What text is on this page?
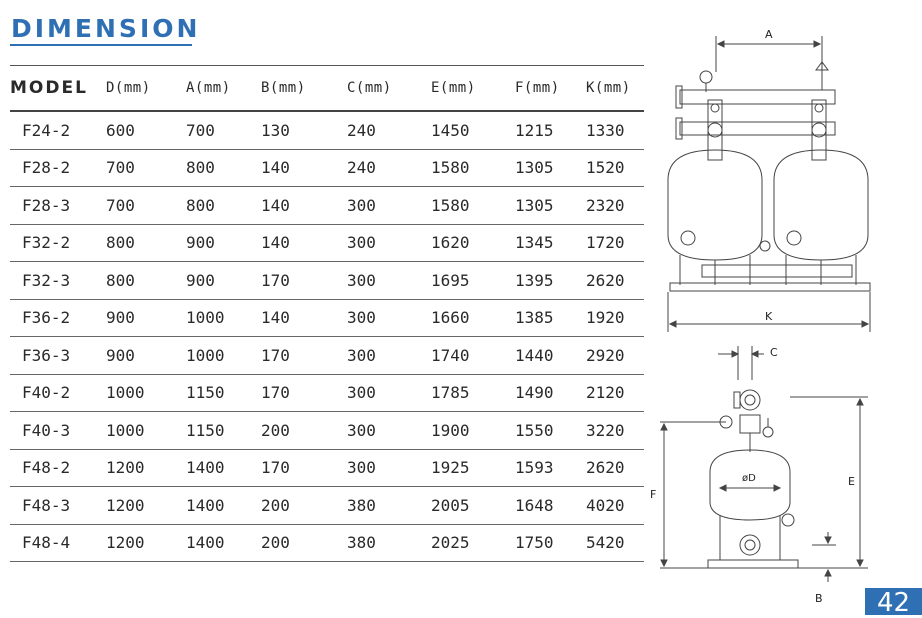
DIMENSION
MODEL	D(mm)	A(mm)	B(mm)	C(mm)	E(mm)	F(mm)	K(mm)
F24-2	600	700	130	240	1450	1215	1330
F28-2	700	800	140	240	1580	1305	1520
F28-3	700	800	140	300	1580	1305	2320
F32-2	800	900	140	300	1620	1345	1720
F32-3	800	900	170	300	1695	1395	2620
F36-2	900	1000	140	300	1660	1385	1920
F36-3	900	1000	170	300	1740	1440	2920
F40-2	1000	1150	170	300	1785	1490	2120
F40-3	1000	1150	200	300	1900	1550	3220
F48-2	1200	1400	170	300	1925	1593	2620
F48-3	1200	1400	200	380	2005	1648	4020
F48-4	1200	1400	200	380	2025	1750	5420
A
K
C
øD	E
F
B	42
